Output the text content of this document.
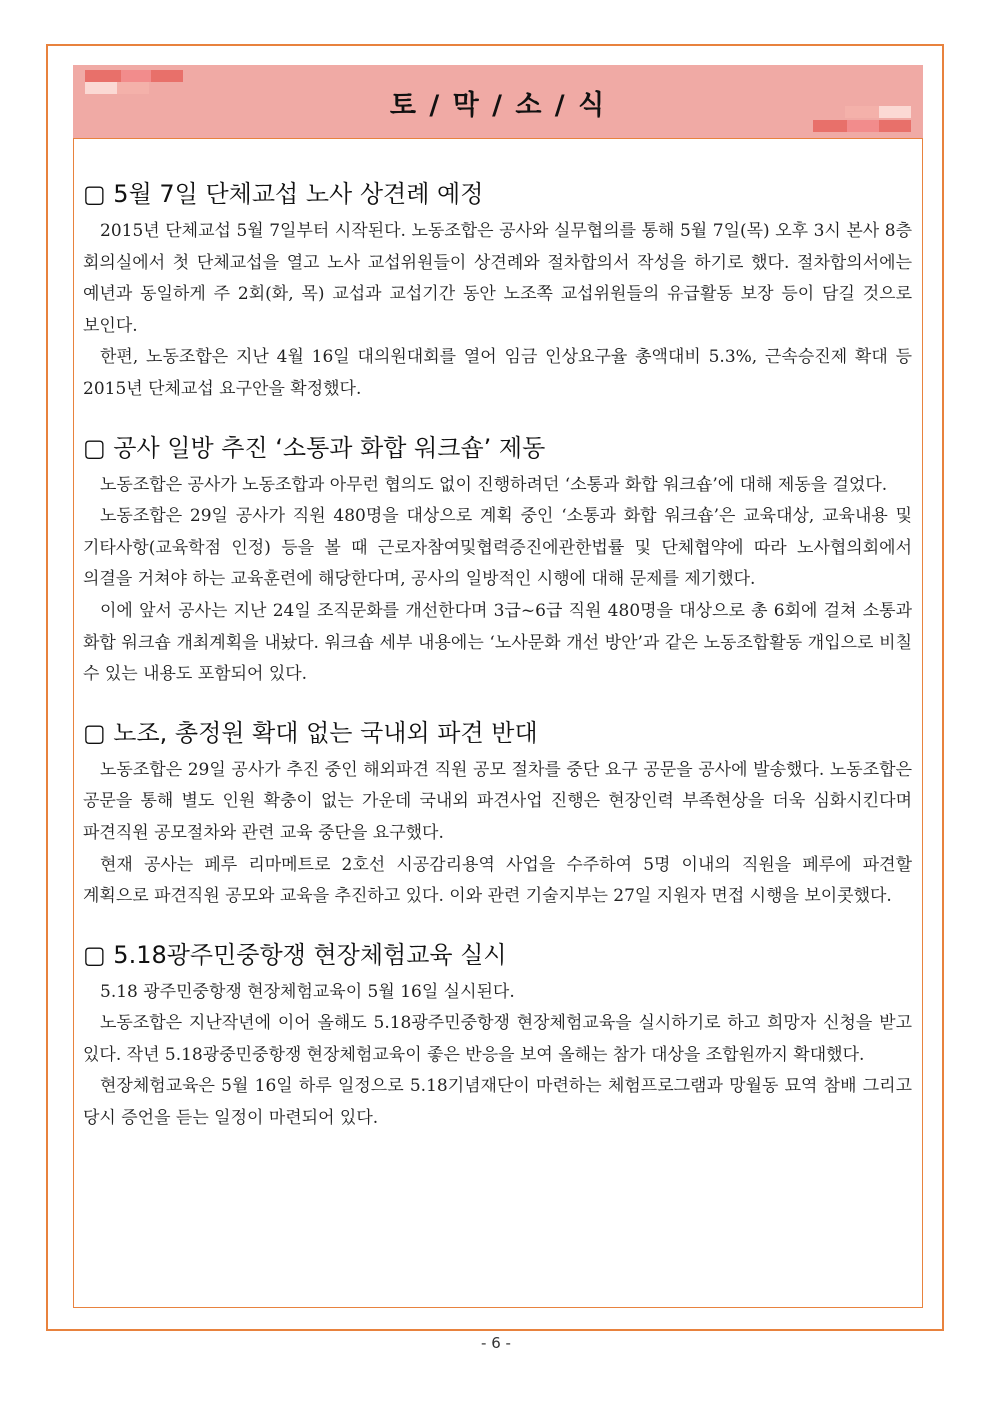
토 / 막 / 소 / 식
▢ 5월 7일 단체교섭 노사 상견례 예정

2015년 단체교섭 5월 7일부터 시작된다. 노동조합은 공사와 실무협의를 통해 5월 7일(목) 오후 3시 본사 8층 회의실에서 첫 단체교섭을 열고 노사 교섭위원들이 상견례와 절차합의서 작성을 하기로 했다. 절차합의서에는 예년과 동일하게 주 2회(화, 목) 교섭과 교섭기간 동안 노조쪽 교섭위원들의 유급활동 보장 등이 담길 것으로 보인다.

한편, 노동조합은 지난 4월 16일 대의원대회를 열어 임금 인상요구율 총액대비 5.3%, 근속승진제 확대 등 2015년 단체교섭 요구안을 확정했다.

▢ 공사 일방 추진 ‘소통과 화합 워크숍’ 제동

노동조합은 공사가 노동조합과 아무런 협의도 없이 진행하려던 ‘소통과 화합 워크숍’에 대해 제동을 걸었다.

노동조합은 29일 공사가 직원 480명을 대상으로 계획 중인 ‘소통과 화합 워크숍’은 교육대상, 교육내용 및 기타사항(교육학점 인정) 등을 볼 때 근로자참여및협력증진에관한법률 및 단체협약에 따라 노사협의회에서 의결을 거쳐야 하는 교육훈련에 해당한다며, 공사의 일방적인 시행에 대해 문제를 제기했다.

이에 앞서 공사는 지난 24일 조직문화를 개선한다며 3급~6급 직원 480명을 대상으로 총 6회에 걸쳐 소통과 화합 워크숍 개최계획을 내놨다. 워크숍 세부 내용에는 ‘노사문화 개선 방안’과 같은 노동조합활동 개입으로 비칠 수 있는 내용도 포함되어 있다.

▢ 노조, 총정원 확대 없는 국내외 파견 반대

노동조합은 29일 공사가 추진 중인 해외파견 직원 공모 절차를 중단 요구 공문을 공사에 발송했다. 노동조합은 공문을 통해 별도 인원 확충이 없는 가운데 국내외 파견사업 진행은 현장인력 부족현상을 더욱 심화시킨다며 파견직원 공모절차와 관련 교육 중단을 요구했다.

현재 공사는 페루 리마메트로 2호선 시공감리용역 사업을 수주하여 5명 이내의 직원을 페루에 파견할 계획으로 파견직원 공모와 교육을 추진하고 있다. 이와 관련 기술지부는 27일 지원자 면접 시행을 보이콧했다.

▢ 5.18광주민중항쟁 현장체험교육 실시

5.18 광주민중항쟁 현장체험교육이 5월 16일 실시된다.

노동조합은 지난작년에 이어 올해도 5.18광주민중항쟁 현장체험교육을 실시하기로 하고 희망자 신청을 받고 있다. 작년 5.18광중민중항쟁 현장체험교육이 좋은 반응을 보여 올해는 참가 대상을 조합원까지 확대했다.

현장체험교육은 5월 16일 하루 일정으로 5.18기념재단이 마련하는 체험프로그램과 망월동 묘역 참배 그리고 당시 증언을 듣는 일정이 마련되어 있다.

- 6 -
